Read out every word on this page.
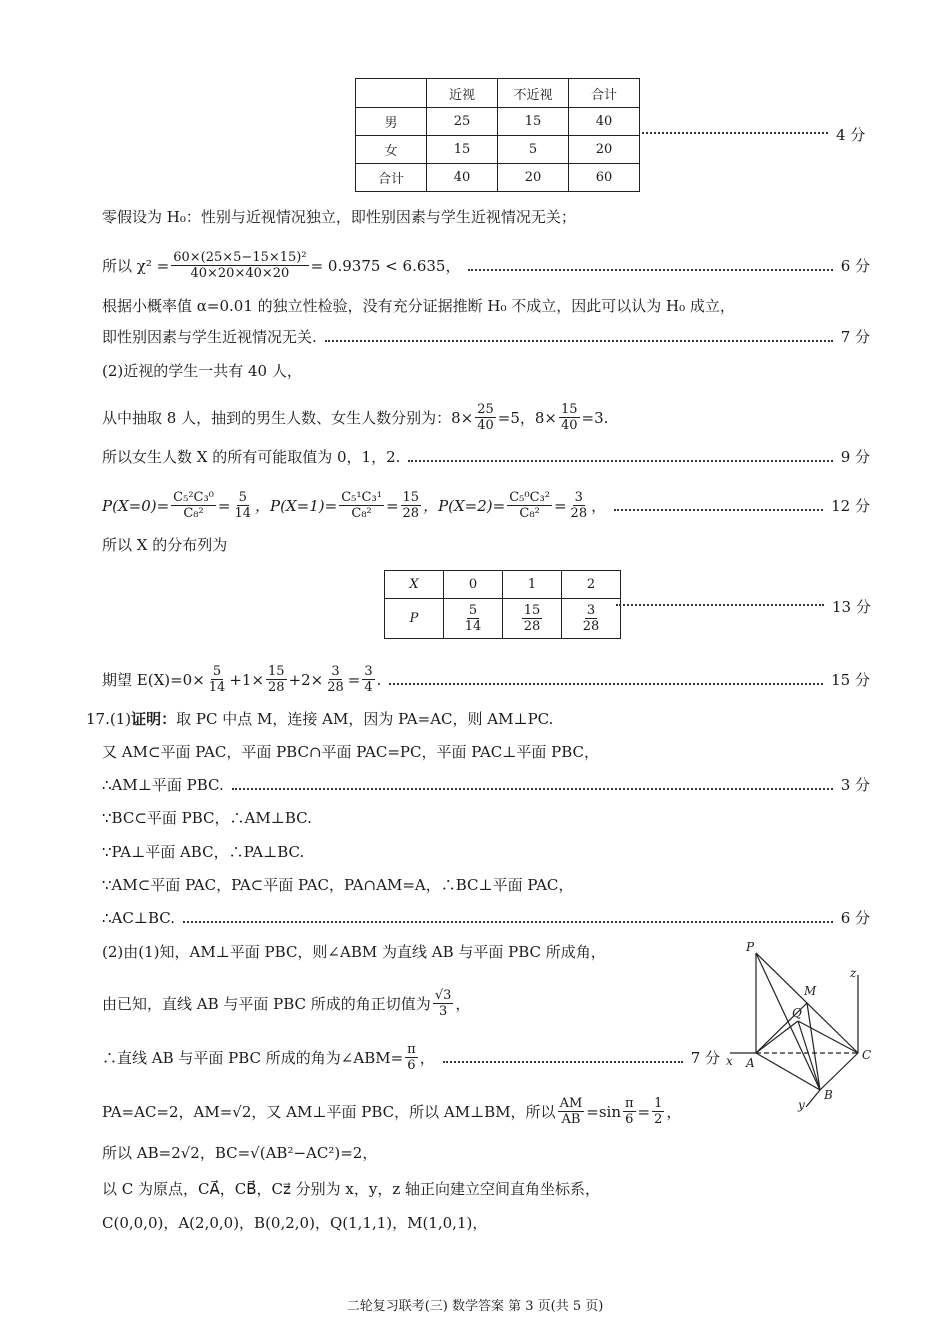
	近视	不近视	合计
男	25	15	40
女	15	5	20
合计	40	20	60
4 分
零假设为 H₀：性别与近视情况独立，即性别因素与学生近视情况无关；
所以 $\chi^2 = \frac{\text{60×(25×5−15×15)²}}{40\times 20\times 40\times 20} = 0.9375 < 6.635$，	6 分
根据小概率值 α=0.01 的独立性检验，没有充分证据推断 H₀ 不成立，因此可以认为 H₀ 成立，
即性别因素与学生近视情况无关.	7 分
(2)近视的学生一共有 40 人，
从中抽取 8 人，抽到的男生人数、女生人数分别为：$8\times \frac{25}{40} =5$，$8\times \frac{15}{40} =3$.
所以女生人数 X 的所有可能取值为 0，1，2.	9 分
$P(X=0)= \frac{\text{C₅²C₃⁰}}{\text{C₈²}} = \frac{5}{14}$ ，$P(X=1)= \frac{\text{C₅¹C₃¹}}{\text{C₈²}} = \frac{15}{28}$ ，$P(X=2)= \frac{\text{C₅⁰C₃²}}{\text{C₈²}} = \frac{3}{28}$ ，	12 分
所以 X 的分布列为
X	0	1	2
P	$\frac{5}{14}$	$\frac{15}{28}$	$\frac{3}{28}$	13 分
期望 $E(X)=0\times \frac{5}{14} +1\times \frac{15}{28} +2\times \frac{3}{28} = \frac{3}{4}$ .	15 分
17.(1) 证明： 取 PC 中点 M，连接 AM，因为 PA=AC，则 AM⊥PC.
又 AM⊂平面 PAC，平面 PBC∩平面 PAC=PC，平面 PAC⊥平面 PBC，
∴AM⊥平面 PBC.	3 分
∵BC⊂平面 PBC，∴AM⊥BC.
∵PA⊥平面 ABC，∴PA⊥BC.
∵AM⊂平面 PAC，PA⊂平面 PAC，PA∩AM=A，∴BC⊥平面 PAC，
∴AC⊥BC.	6 分
(2)由(1)知，AM⊥平面 PBC，则∠ABM 为直线 AB 与平面 PBC 所成角，
由已知，直线 AB 与平面 PBC 所成的角正切值为 $\frac{√3}{3}$ ，
∴直线 AB 与平面 PBC 所成的角为∠ABM= $\frac{\pi}{6}$ ，	7 分
PA=AC=2，AM=√2，又 AM⊥平面 PBC，所以 AM⊥BM，所以 $\frac{AM}{AB} =\sin \frac{\pi}{6} = \frac{1}{2}$ ，
所以 AB=2√2，BC=√(AB²−AC²)=2，
以 C 为原点，CA⃗，CB⃗，Cz⃗ 分别为 x，y，z 轴正向建立空间直角坐标系，
C(0,0,0)，A(2,0,0)，B(0,2,0)，Q(1,1,1)，M(1,0,1)，
P
M
Q
A
C
B
x
y
z
二轮复习联考(三) 数学答案 第 3 页(共 5 页)
